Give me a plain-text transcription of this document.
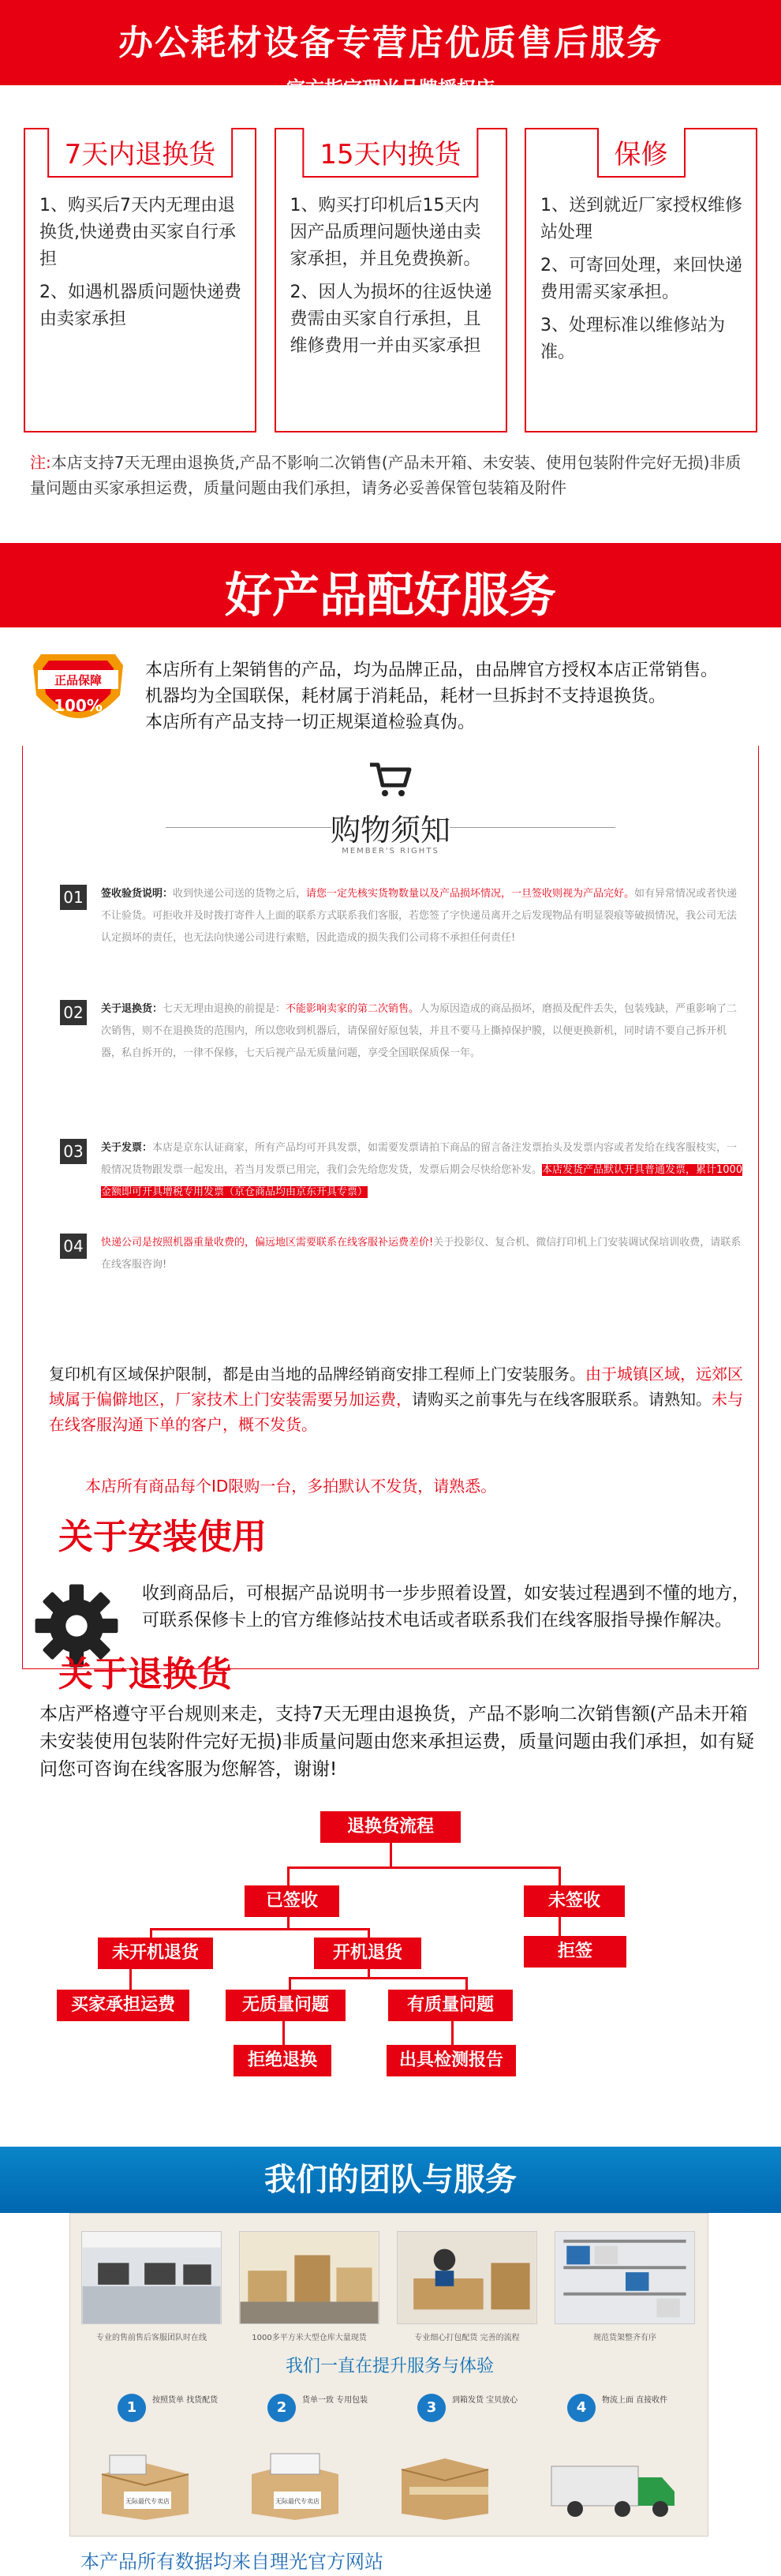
办公耗材设备专营店优质售后服务
官方指定理光品牌授权店
7天内退换货

1、购买后7天内无理由退换货,快递费由买家自行承担

2、如遇机器质问题快递费由卖家承担

15天内换货

1、购买打印机后15天内因产品质理问题快递由卖家承担，并且免费换新。

2、因人为损坏的往返快递费需由买家自行承担，且维修费用一并由买家承担

保修

1、送到就近厂家授权维修站处理

2、可寄回处理，来回快递费用需买家承担。

3、处理标准以维修站为准。

注:本店支持7天无理由退换货,产品不影响二次销售(产品未开箱、未安装、使用包装附件完好无损)非质量问题由买家承担运费，质量问题由我们承担，请务必妥善保管包装箱及附件
好产品配好服务
正品保障
100%
本店所有上架销售的产品，均为品牌正品，由品牌官方授权本店正常销售。
机器均为全国联保，耗材属于消耗品，耗材一旦拆封不支持退换货。
本店所有产品支持一切正规渠道检验真伪。
购物须知
MEMBER'S RIGHTS
01	签收验货说明：收到快递公司送的货物之后，请您一定先核实货物数量以及产品损坏情况，一旦签收则视为产品完好。如有异常情况或者快递不让验货。可拒收并及时拨打寄件人上面的联系方式联系我们客服，若您签了字快递员离开之后发现物品有明显裂痕等破损情况，我公司无法认定损坏的责任，也无法向快递公司进行索赔，因此造成的损失我们公司将不承担任何责任!
02	关于退换货：七天无理由退换的前提是：不能影响卖家的第二次销售。人为原因造成的商品损坏，磨损及配件丢失，包装残缺，严重影响了二次销售，则不在退换货的范围内，所以您收到机器后，请保留好原包装，并且不要马上撕掉保护膜，以便更换新机，同时请不要自己拆开机器，私自拆开的，一律不保修，七天后视产品无质量问题，享受全国联保质保一年。
03	关于发票：本店是京东认证商家，所有产品均可开具发票，如需要发票请拍下商品的留言备注发票抬头及发票内容或者发给在线客服枝实，一般情况货物跟发票一起发出，若当月发票已用完，我们会先给您发货，发票后期会尽快给您补发。本店发货产品默认开具普通发票，累计1000金额即可开具增税专用发票（京仓商品均由京东开具专票）
04	快递公司是按照机器重量收费的，偏远地区需要联系在线客服补运费差价!关于投影仪、复合机、微信打印机上门安装调试保培训收费，请联系在线客服咨询!
复印机有区域保护限制，都是由当地的品牌经销商安排工程师上门安装服务。由于城镇区域，远郊区域属于偏僻地区，厂家技术上门安装需要另加运费，请购买之前事先与在线客服联系。请熟知。未与在线客服沟通下单的客户，概不发货。
本店所有商品每个ID限购一台，多拍默认不发货，请熟悉。
关于安装使用
收到商品后，可根据产品说明书一步步照着设置，如安装过程遇到不懂的地方，可联系保修卡上的官方维修站技术电话或者联系我们在线客服指导操作解决。
关于退换货
本店严格遵守平台规则来走，支持7天无理由退换货，产品不影响二次销售额(产品未开箱未安装使用包装附件完好无损)非质量问题由您来承担运费，质量问题由我们承担，如有疑问您可咨询在线客服为您解答，谢谢!
退换货流程
已签收	未签收
拒签
未开机退货	开机退货
买家承担运费	无质量问题	有质量问题
拒绝退换	出具检测报告
我们的团队与服务
专业的售前售后客服团队时在线	1000多平方米大型仓库大量现货	专业细心打包配货 完善的流程	规范货架整齐有序
我们一直在提升服务与体验
1	按照货单 找货配货	2	货单一致 专用包装	3	到箱发货 宝贝放心	4	物流上面 直接收件
无际最代专卖店	无际最代专卖店
本产品所有数据均来自理光官方网站
